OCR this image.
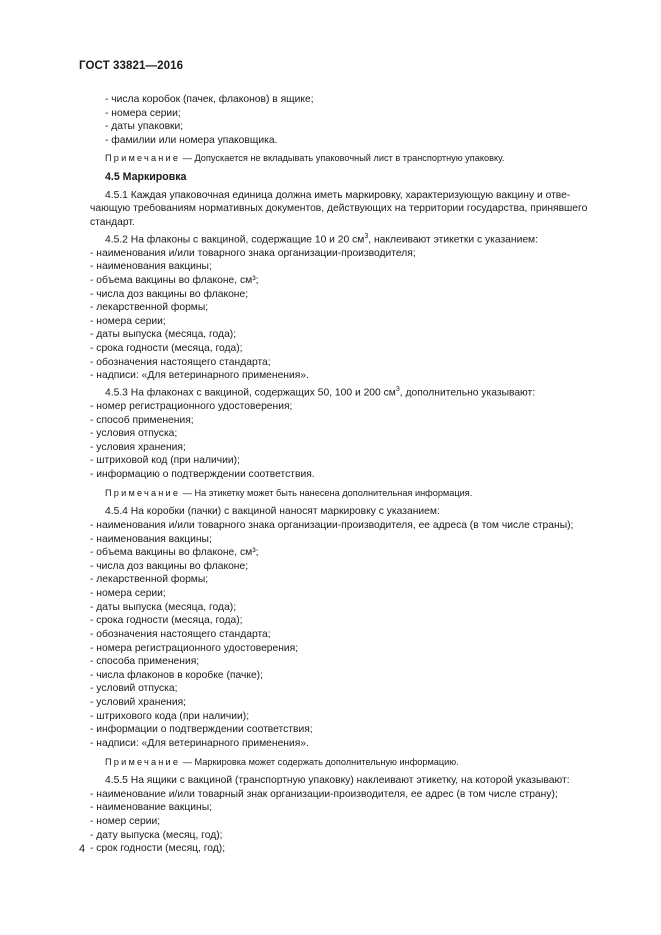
ГОСТ 33821—2016
- числа коробок (пачек, флаконов) в ящике;
- номера серии;
- даты упаковки;
- фамилии или номера упаковщика.
Примечание — Допускается не вкладывать упаковочный лист в транспортную упаковку.
4.5 Маркировка
4.5.1 Каждая упаковочная единица должна иметь маркировку, характеризующую вакцину и отве-
чающую требованиям нормативных документов, действующих на территории государства, принявшего
стандарт.
4.5.2 На флаконы с вакциной, содержащие 10 и 20 $см^3$, наклеивают этикетки с указанием:
- наименования и/или товарного знака организации-производителя;
- наименования вакцины;
- объема вакцины во флаконе, см³;
- числа доз вакцины во флаконе;
- лекарственной формы;
- номера серии;
- даты выпуска (месяца, года);
- срока годности (месяца, года);
- обозначения настоящего стандарта;
- надписи: «Для ветеринарного применения».
4.5.3 На флаконах с вакциной, содержащих 50, 100 и 200 $см^3$, дополнительно указывают:
- номер регистрационного удостоверения;
- способ применения;
- условия отпуска;
- условия хранения;
- штриховой код (при наличии);
- информацию о подтверждении соответствия.
Примечание — На этикетку может быть нанесена дополнительная информация.
4.5.4 На коробки (пачки) с вакциной наносят маркировку с указанием:
- наименования и/или товарного знака организации-производителя, ее адреса (в том числе страны);
- наименования вакцины;
- объема вакцины во флаконе, см³;
- числа доз вакцины во флаконе;
- лекарственной формы;
- номера серии;
- даты выпуска (месяца, года);
- срока годности (месяца, года);
- обозначения настоящего стандарта;
- номера регистрационного удостоверения;
- способа применения;
- числа флаконов в коробке (пачке);
- условий отпуска;
- условий хранения;
- штрихового кода (при наличии);
- информации о подтверждении соответствия;
- надписи: «Для ветеринарного применения».
Примечание — Маркировка может содержать дополнительную информацию.
4.5.5 На ящики с вакциной (транспортную упаковку) наклеивают этикетку, на которой указывают:
- наименование и/или товарный знак организации-производителя, ее адрес (в том числе страну);
- наименование вакцины;
- номер серии;
- дату выпуска (месяц, год);
- срок годности (месяц, год);
4
